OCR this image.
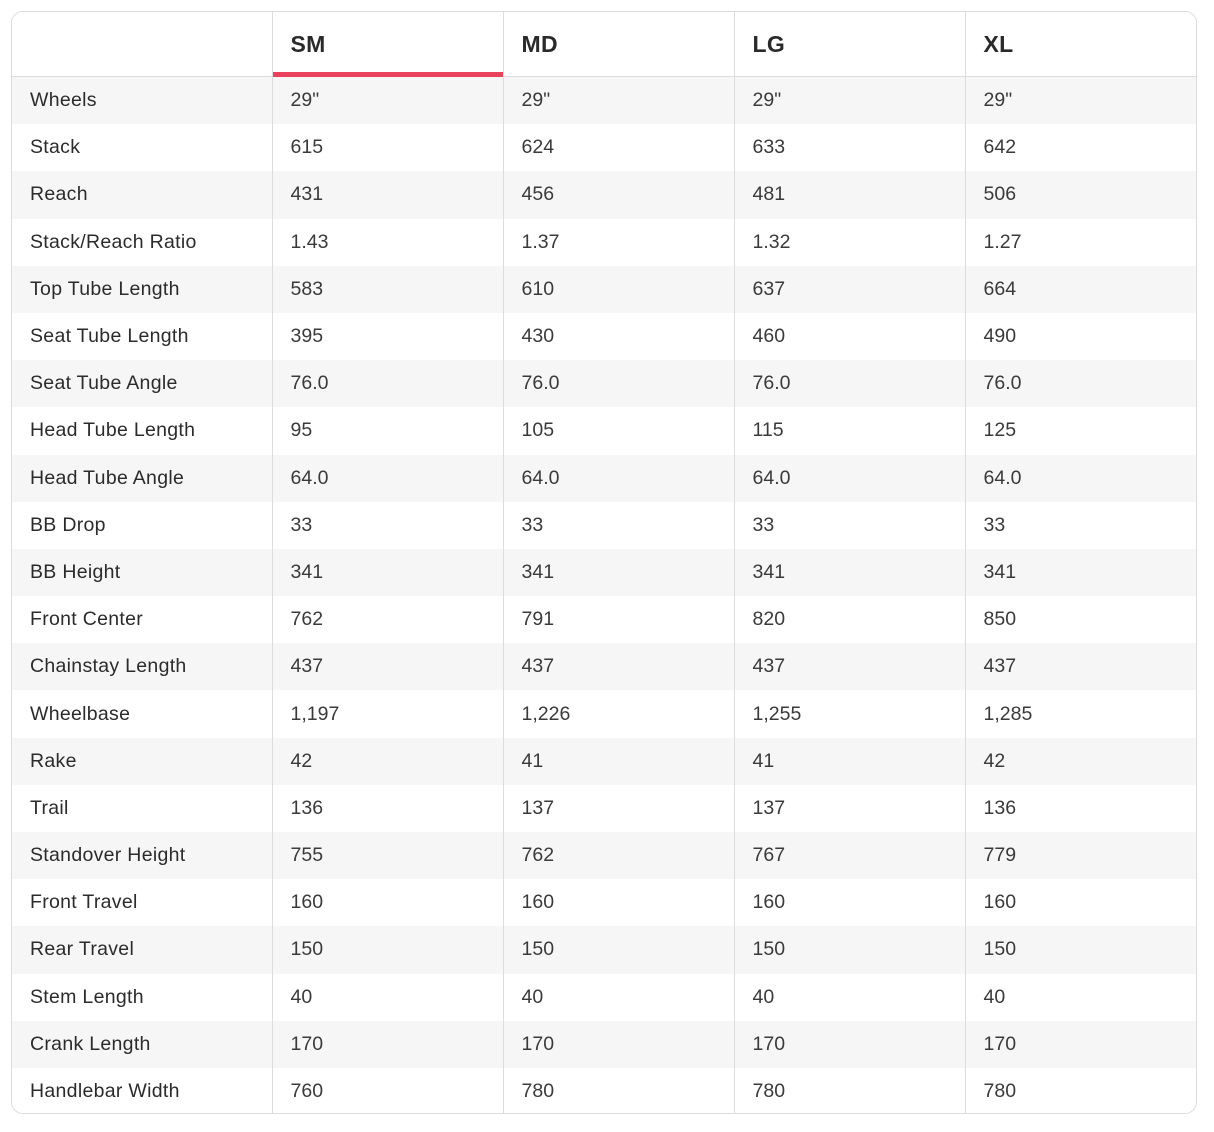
	SM	MD	LG	XL
Wheels	29"	29"	29"	29"
Stack	615	624	633	642
Reach	431	456	481	506
Stack/Reach Ratio	1.43	1.37	1.32	1.27
Top Tube Length	583	610	637	664
Seat Tube Length	395	430	460	490
Seat Tube Angle	76.0	76.0	76.0	76.0
Head Tube Length	95	105	115	125
Head Tube Angle	64.0	64.0	64.0	64.0
BB Drop	33	33	33	33
BB Height	341	341	341	341
Front Center	762	791	820	850
Chainstay Length	437	437	437	437
Wheelbase	1,197	1,226	1,255	1,285
Rake	42	41	41	42
Trail	136	137	137	136
Standover Height	755	762	767	779
Front Travel	160	160	160	160
Rear Travel	150	150	150	150
Stem Length	40	40	40	40
Crank Length	170	170	170	170
Handlebar Width	760	780	780	780
